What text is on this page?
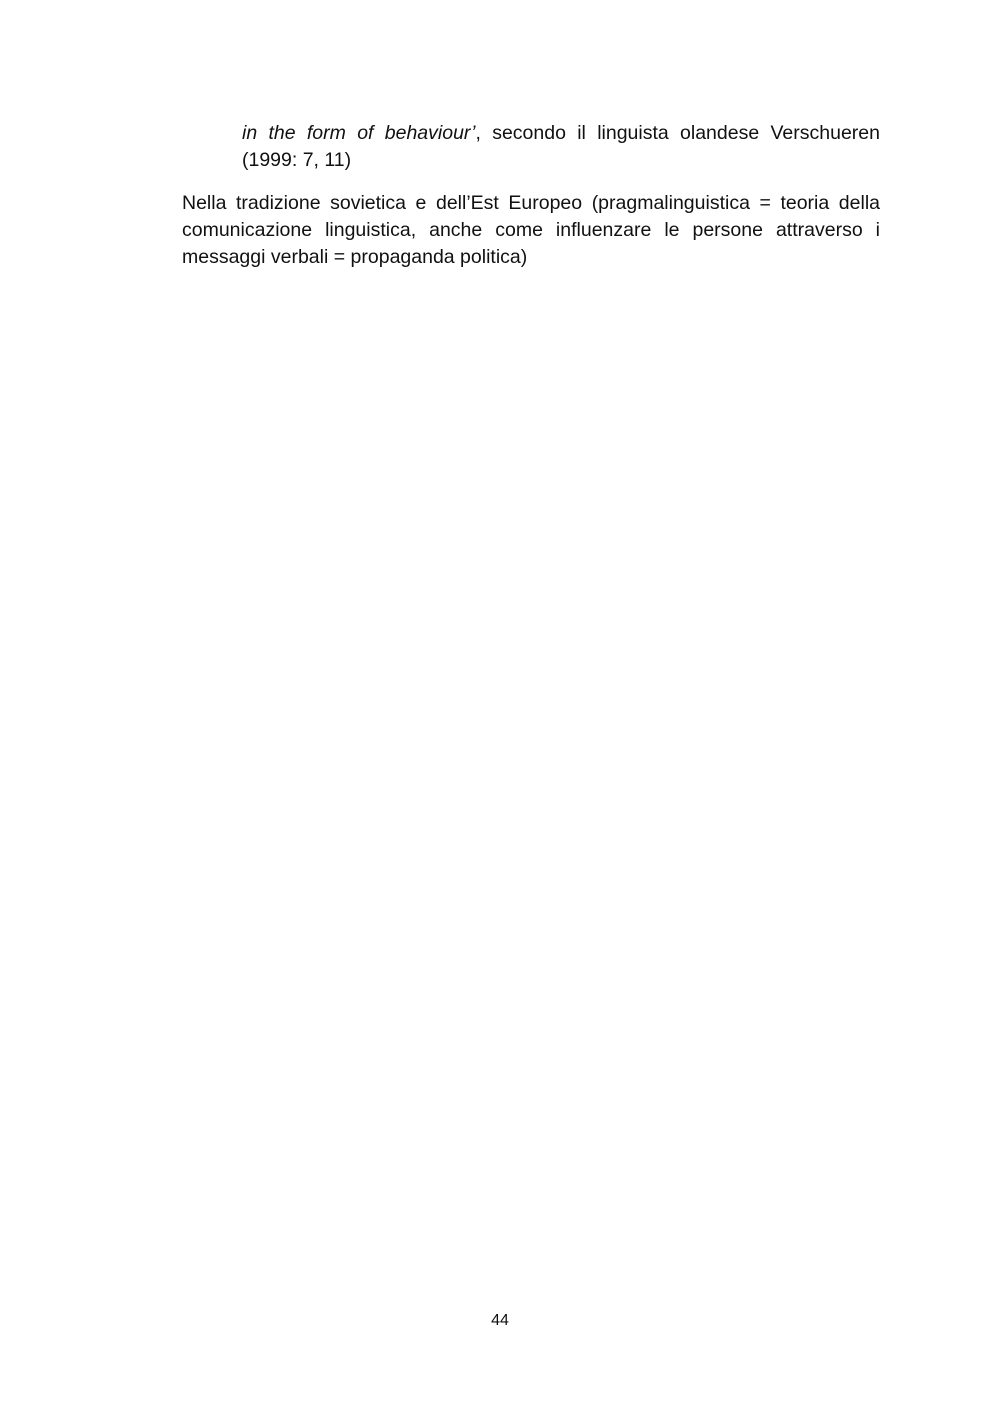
in the form of behaviour’, secondo il linguista olandese Verschueren
(1999: 7, 11)
Nella tradizione sovietica e dell’Est Europeo (pragmalinguistica = teoria della
comunicazione linguistica, anche come influenzare le persone attraverso i
messaggi verbali = propaganda politica)
44
